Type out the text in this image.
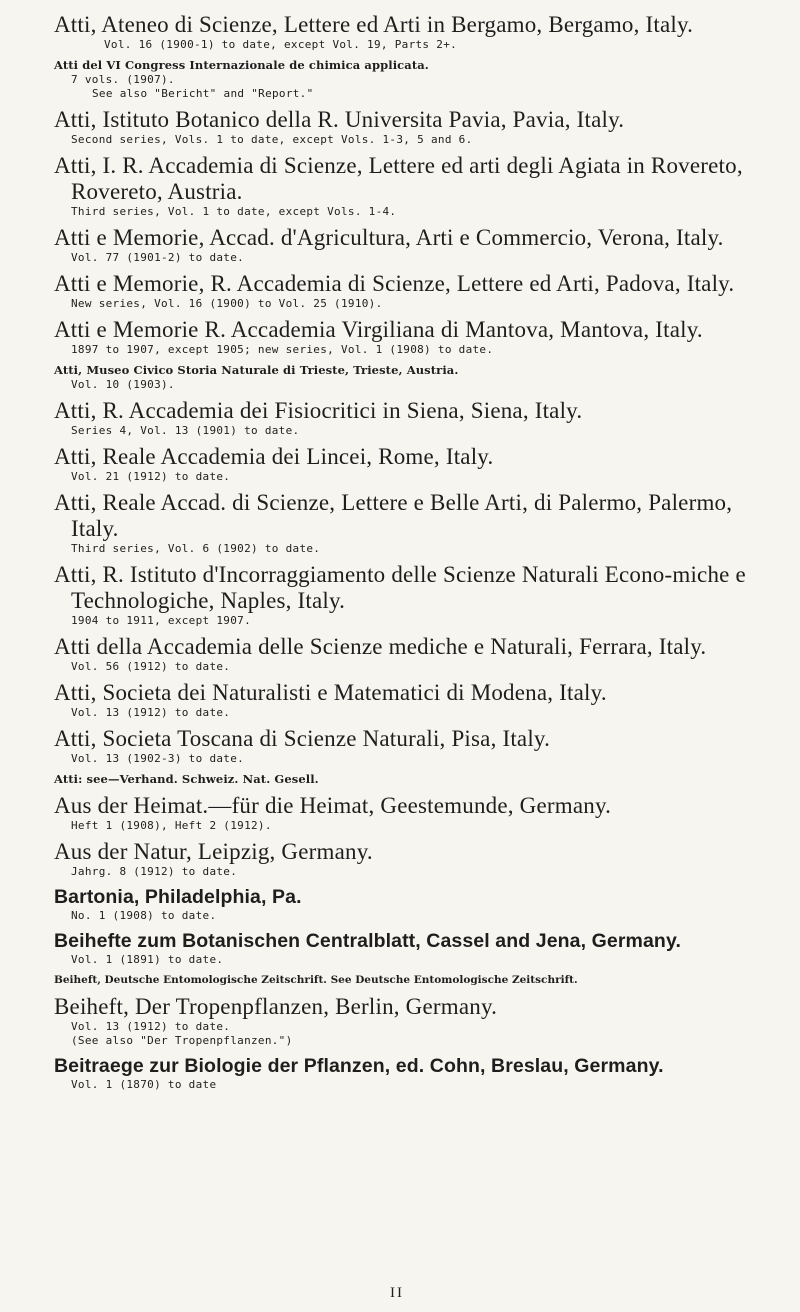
Atti, Ateneo di Scienze, Lettere ed Arti in Bergamo, Bergamo, Italy.
Vol. 16 (1900-1) to date, except Vol. 19, Parts 2+.
Atti del VI Congress Internazionale de chimica applicata.
7 vols. (1907).
See also "Bericht" and "Report."
Atti, Istituto Botanico della R. Universita Pavia, Pavia, Italy.
Second series, Vols. 1 to date, except Vols. 1-3, 5 and 6.
Atti, I. R. Accademia di Scienze, Lettere ed arti degli Agiata in Rovereto, Rovereto, Austria.
Third series, Vol. 1 to date, except Vols. 1-4.
Atti e Memorie, Accad. d'Agricultura, Arti e Commercio, Verona, Italy.
Vol. 77 (1901-2) to date.
Atti e Memorie, R. Accademia di Scienze, Lettere ed Arti, Padova, Italy.
New series, Vol. 16 (1900) to Vol. 25 (1910).
Atti e Memorie R. Accademia Virgiliana di Mantova, Mantova, Italy.
1897 to 1907, except 1905; new series, Vol. 1 (1908) to date.
Atti, Museo Civico Storia Naturale di Trieste, Trieste, Austria.
Vol. 10 (1903).
Atti, R. Accademia dei Fisiocritici in Siena, Siena, Italy.
Series 4, Vol. 13 (1901) to date.
Atti, Reale Accademia dei Lincei, Rome, Italy.
Vol. 21 (1912) to date.
Atti, Reale Accad. di Scienze, Lettere e Belle Arti, di Palermo, Palermo, Italy.
Third series, Vol. 6 (1902) to date.
Atti, R. Istituto d'Incorraggiamento delle Scienze Naturali Econo-miche e Technologiche, Naples, Italy.
1904 to 1911, except 1907.
Atti della Accademia delle Scienze mediche e Naturali, Ferrara, Italy.
Vol. 56 (1912) to date.
Atti, Societa dei Naturalisti e Matematici di Modena, Italy.
Vol. 13 (1912) to date.
Atti, Societa Toscana di Scienze Naturali, Pisa, Italy.
Vol. 13 (1902-3) to date.
Atti: see—Verhand. Schweiz. Nat. Gesell.
Aus der Heimat.—für die Heimat, Geestemunde, Germany.
Heft 1 (1908), Heft 2 (1912).
Aus der Natur, Leipzig, Germany.
Jahrg. 8 (1912) to date.
Bartonia, Philadelphia, Pa.
No. 1 (1908) to date.
Beihefte zum Botanischen Centralblatt, Cassel and Jena, Germany.
Vol. 1 (1891) to date.
Beiheft, Deutsche Entomologische Zeitschrift. See Deutsche Entomologische Zeitschrift.
Beiheft, Der Tropenpflanzen, Berlin, Germany.
Vol. 13 (1912) to date.
(See also "Der Tropenpflanzen.")
Beitraege zur Biologie der Pflanzen, ed. Cohn, Breslau, Germany.
Vol. 1 (1870) to date
II
